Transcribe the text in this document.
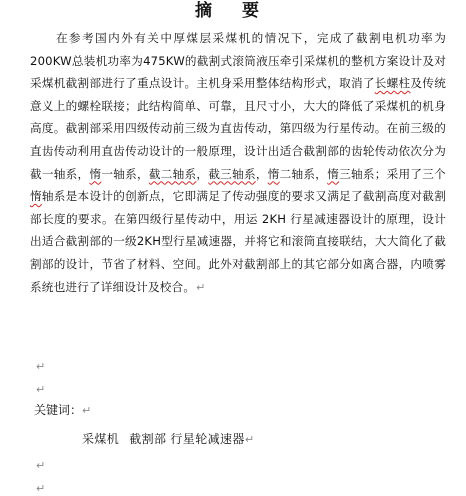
摘 要

在参考国内外有关中厚煤层采煤机的情况下，完成了截割电机功率为200KW总装机功率为475KW的截割式滚筒液压牵引采煤机的整机方案设计及对采煤机截割部进行了重点设计。主机身采用整体结构形式，取消了长螺柱及传统意义上的螺栓联接；此结构简单、可靠，且尺寸小，大大的降低了采煤机的机身高度。截割部采用四级传动前三级为直齿传动，第四级为行星传动。在前三级的直齿传动利用直齿传动设计的一般原理，设计出适合截割部的齿轮传动依次分为截一轴系，惰一轴系，截二轴系，截三轴系，惰二轴系，惰三轴系；采用了三个惰轴系是本设计的创新点，它即满足了传动强度的要求又满足了截割高度对截割部长度的要求。在第四级行星传动中，用运 2KH 行星减速器设计的原理，设计出适合截割部的一级2KH型行星减速器，并将它和滚筒直接联结，大大简化了截割部的设计，节省了材料、空间。此外对截割部上的其它部分如离合器，内喷雾系统也进行了详细设计及校合。↵

↵
↵
关键词：↵
采煤机 截割部 行星轮减速器↵
↵
↵
